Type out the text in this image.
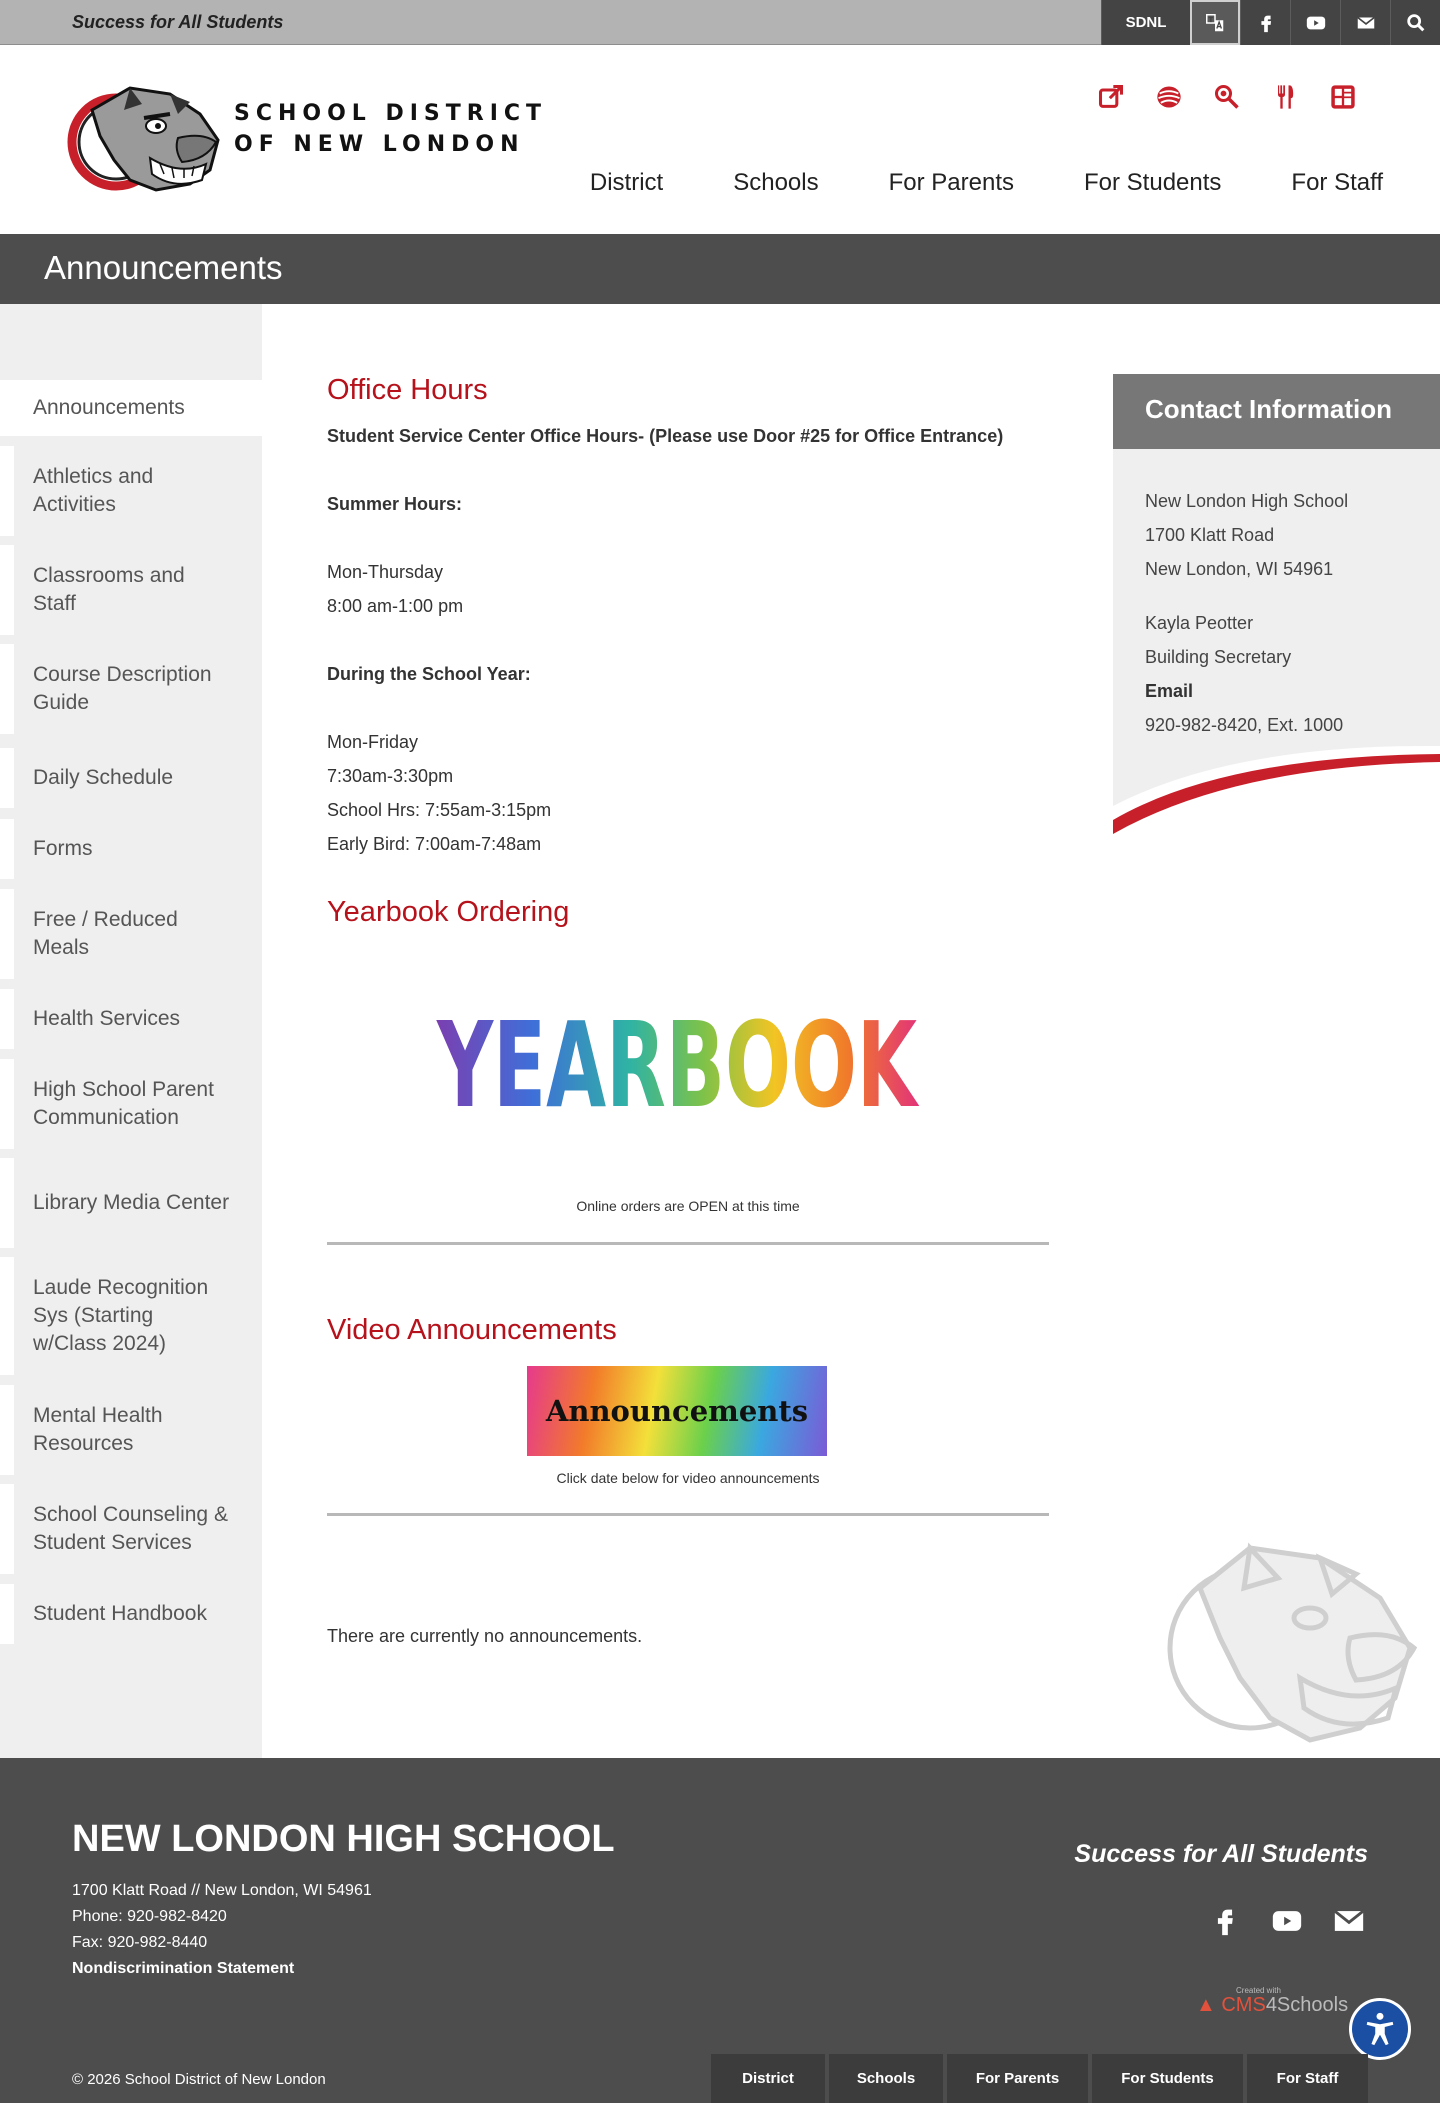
Success for All Students	SDNL
SCHOOL DISTRICT
OF NEW LONDON
District	Schools	For Parents	For Students	For Staff
Announcements
Announcements
Athletics and Activities
Classrooms and Staff
Course Description Guide
Daily Schedule
Forms
Free / Reduced Meals
Health Services
High School Parent Communication
Library Media Center
Laude Recognition Sys (Starting w/Class 2024)
Mental Health Resources
School Counseling & Student Services
Student Handbook
Office Hours
Student Service Center Office Hours- (Please use Door #25 for Office Entrance)
Summer Hours:
Mon-Thursday
8:00 am-1:00 pm
During the School Year:
Mon-Friday
7:30am-3:30pm
School Hrs: 7:55am-3:15pm
Early Bird: 7:00am-7:48am
Yearbook Ordering
YEARBOOK
Online orders are OPEN at this time
Video Announcements
Announcements
Click date below for video announcements
There are currently no announcements.
Contact Information
New London High School
1700 Klatt Road
New London, WI 54961
Kayla Peotter
Building Secretary
Email
920-982-8420, Ext. 1000
NEW LONDON HIGH SCHOOL
1700 Klatt Road // New London, WI 54961
Phone: 920-982-8420
Fax: 920-982-8440
Nondiscrimination Statement
Success for All Students
Created with
▲ CMS4Schools
© 2026 School District of New London	District	Schools	For Parents	For Students	For Staff
